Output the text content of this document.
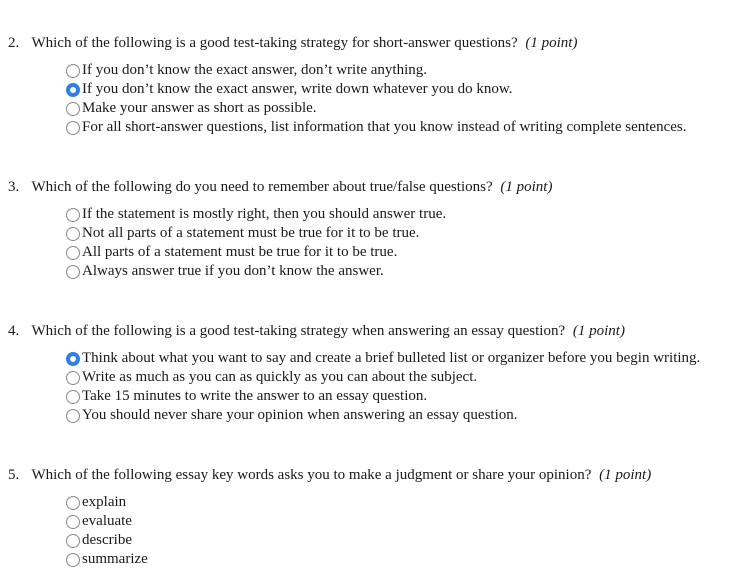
2. Which of the following is a good test-taking strategy for short-answer questions? (1 point)
If you don’t know the exact answer, don’t write anything.
If you don’t know the exact answer, write down whatever you do know.
Make your answer as short as possible.
For all short-answer questions, list information that you know instead of writing complete sentences.
3. Which of the following do you need to remember about true/false questions? (1 point)
If the statement is mostly right, then you should answer true.
Not all parts of a statement must be true for it to be true.
All parts of a statement must be true for it to be true.
Always answer true if you don’t know the answer.
4. Which of the following is a good test-taking strategy when answering an essay question? (1 point)
Think about what you want to say and create a brief bulleted list or organizer before you begin writing.
Write as much as you can as quickly as you can about the subject.
Take 15 minutes to write the answer to an essay question.
You should never share your opinion when answering an essay question.
5. Which of the following essay key words asks you to make a judgment or share your opinion? (1 point)
explain
evaluate
describe
summarize
